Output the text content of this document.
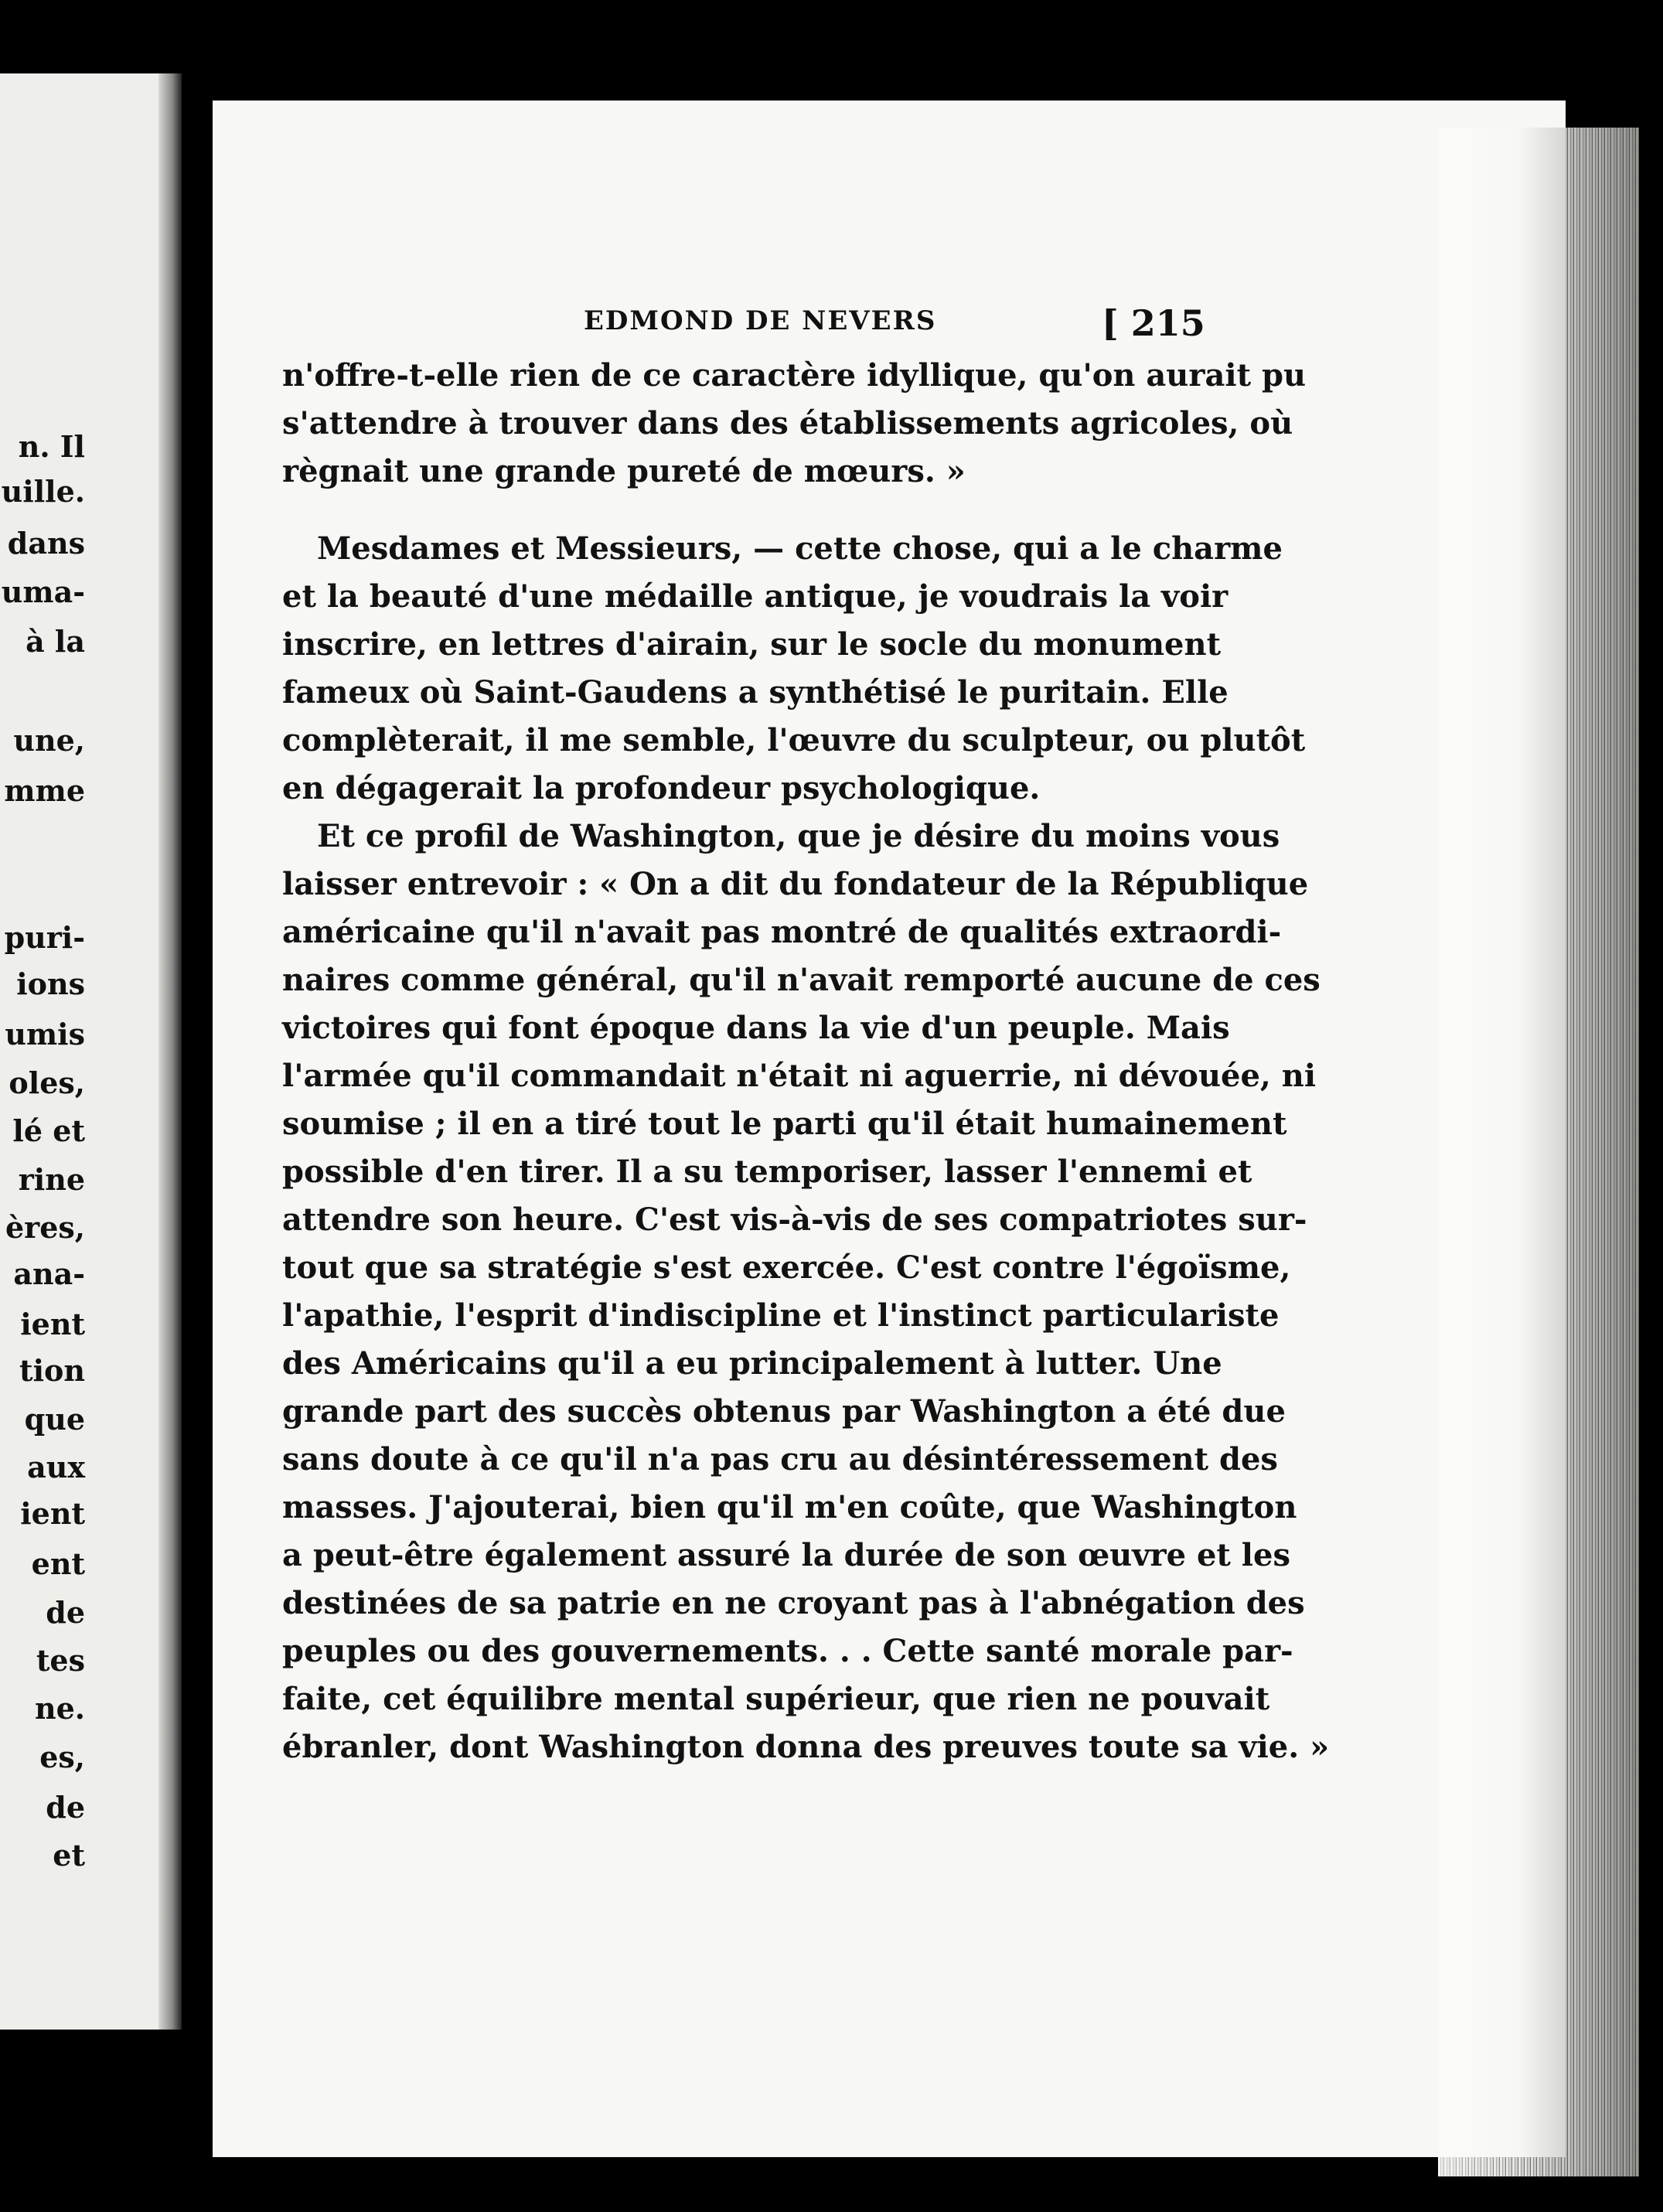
n. Il
uille.
dans
uma-
à la
une,
mme
puri-
ions
umis
oles,
lé et
rine
ères,
ana-
ient
tion
que
aux
ient
ent
de
tes
ne.
es,
de
et
EDMOND DE NEVERS	[ 215
n'offre-t-elle rien de ce caractère idyllique, qu'on aurait pu
s'attendre à trouver dans des établissements agricoles, où
règnait une grande pureté de mœurs. »
Mesdames et Messieurs, — cette chose, qui a le charme
et la beauté d'une médaille antique, je voudrais la voir
inscrire, en lettres d'airain, sur le socle du monument
fameux où Saint-Gaudens a synthétisé le puritain. Elle
complèterait, il me semble, l'œuvre du sculpteur, ou plutôt
en dégagerait la profondeur psychologique.
Et ce profil de Washington, que je désire du moins vous
laisser entrevoir : « On a dit du fondateur de la République
américaine qu'il n'avait pas montré de qualités extraordi-
naires comme général, qu'il n'avait remporté aucune de ces
victoires qui font époque dans la vie d'un peuple. Mais
l'armée qu'il commandait n'était ni aguerrie, ni dévouée, ni
soumise ; il en a tiré tout le parti qu'il était humainement
possible d'en tirer. Il a su temporiser, lasser l'ennemi et
attendre son heure. C'est vis-à-vis de ses compatriotes sur-
tout que sa stratégie s'est exercée. C'est contre l'égoïsme,
l'apathie, l'esprit d'indiscipline et l'instinct particulariste
des Américains qu'il a eu principalement à lutter. Une
grande part des succès obtenus par Washington a été due
sans doute à ce qu'il n'a pas cru au désintéressement des
masses. J'ajouterai, bien qu'il m'en coûte, que Washington
a peut-être également assuré la durée de son œuvre et les
destinées de sa patrie en ne croyant pas à l'abnégation des
peuples ou des gouvernements. . . Cette santé morale par-
faite, cet équilibre mental supérieur, que rien ne pouvait
ébranler, dont Washington donna des preuves toute sa vie. »
